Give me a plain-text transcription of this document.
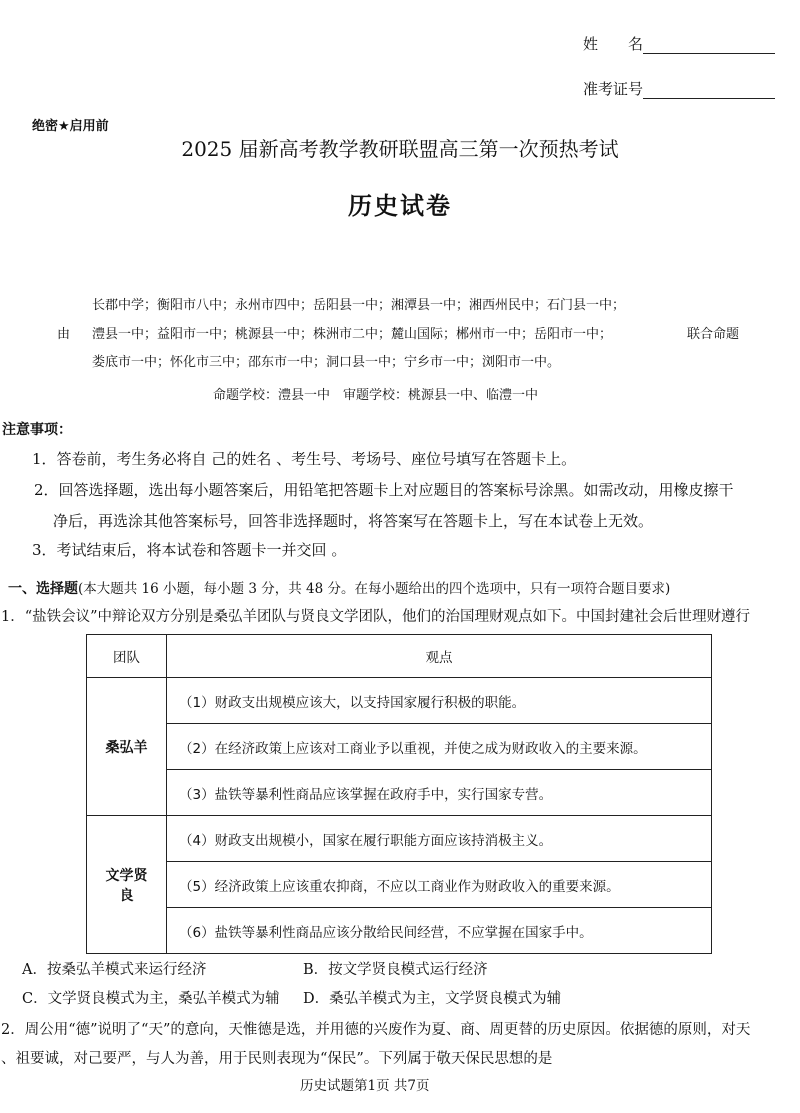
姓　　名
准考证号
绝密★启用前
2025 届新高考教学教研联盟高三第一次预热考试
历史试卷
长郡中学；衡阳市八中；永州市四中；岳阳县一中；湘潭县一中；湘西州民中；石门县一中；
由 澧县一中；益阳市一中；桃源县一中；株洲市二中；麓山国际；郴州市一中；岳阳市一中；	联合命题
娄底市一中；怀化市三中；邵东市一中；洞口县一中；宁乡市一中；浏阳市一中。
命题学校：澧县一中　审题学校：桃源县一中、临澧一中
注意事项：
1．答卷前，考生务必将自 己的姓名 、考生号、考场号、座位号填写在答题卡上。
2．回答选择题，选出每小题答案后，用铅笔把答题卡上对应题目的答案标号涂黑。如需改动，用橡皮擦干
净后，再选涂其他答案标号，回答非选择题时，将答案写在答题卡上，写在本试卷上无效。
3．考试结束后，将本试卷和答题卡一并交回 。
一、选择题(本大题共 16 小题，每小题 3 分，共 48 分。在每小题给出的四个选项中，只有一项符合题目要求)
1．“盐铁会议”中辩论双方分别是桑弘羊团队与贤良文学团队，他们的治国理财观点如下。中国封建社会后世理财遵行
团队	观点
桑弘羊	（1）财政支出规模应该大，以支持国家履行积极的职能。
	（2）在经济政策上应该对工商业予以重视，并使之成为财政收入的主要来源。
	（3）盐铁等暴利性商品应该掌握在政府手中，实行国家专营。
文学贤良	（4）财政支出规模小，国家在履行职能方面应该持消极主义。
	（5）经济政策上应该重农抑商，不应以工商业作为财政收入的重要来源。
	（6）盐铁等暴利性商品应该分散给民间经营，不应掌握在国家手中。
A．按桑弘羊模式来运行经济	B．按文学贤良模式运行经济
C．文学贤良模式为主，桑弘羊模式为辅 D．桑弘羊模式为主，文学贤良模式为辅
2．周公用“德”说明了“天”的意向，天惟德是选，并用德的兴废作为夏、商、周更替的历史原因。依据德的原则，对天
、祖要诚，对己要严，与人为善，用于民则表现为“保民”。下列属于敬天保民思想的是
历史试题第1页 共7页
